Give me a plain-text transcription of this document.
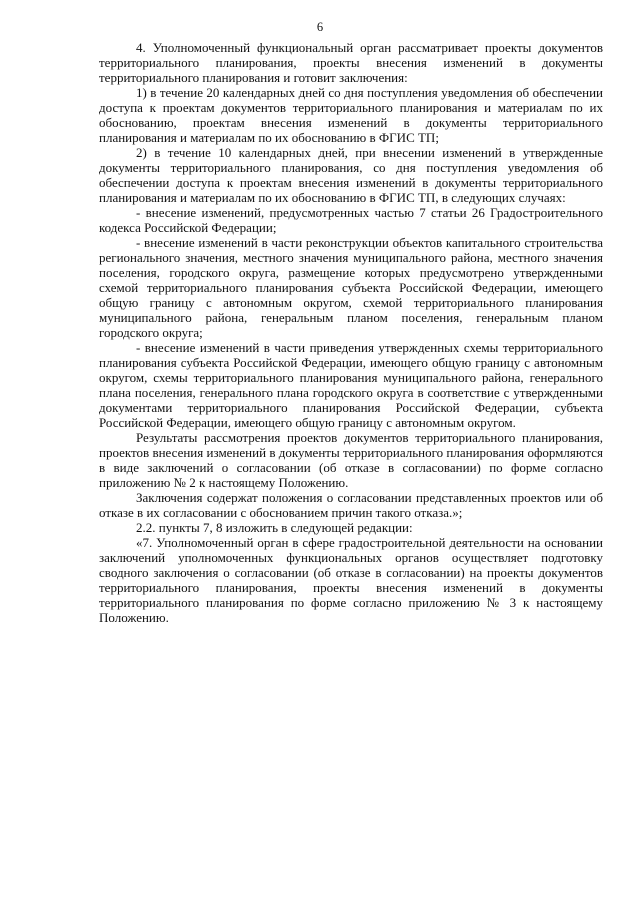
6

4. Уполномоченный функциональный орган рассматривает проекты документов территориального планирования, проекты внесения изменений в документы территориального планирования и готовит заключения:

1) в течение 20 календарных дней со дня поступления уведомления об обеспечении доступа к проектам документов территориального планирования и материалам по их обоснованию, проектам внесения изменений в документы территориального планирования и материалам по их обоснованию в ФГИС ТП;

2) в течение 10 календарных дней, при внесении изменений в утвержденные документы территориального планирования, со дня поступления уведомления об обеспечении доступа к проектам внесения изменений в документы территориального планирования и материалам по их обоснованию в ФГИС ТП, в следующих случаях:

- внесение изменений, предусмотренных частью 7 статьи 26 Градостроительного кодекса Российской Федерации;

- внесение изменений в части реконструкции объектов капитального строительства регионального значения, местного значения муниципального района, местного значения поселения, городского округа, размещение которых предусмотрено утвержденными схемой территориального планирования субъекта Российской Федерации, имеющего общую границу с автономным округом, схемой территориального планирования муниципального района, генеральным планом поселения, генеральным планом городского округа;

- внесение изменений в части приведения утвержденных схемы территориального планирования субъекта Российской Федерации, имеющего общую границу с автономным округом, схемы территориального планирования муниципального района, генерального плана поселения, генерального плана городского округа в соответствие с утвержденными документами территориального планирования Российской Федерации, субъекта Российской Федерации, имеющего общую границу с автономным округом.

Результаты рассмотрения проектов документов территориального планирования, проектов внесения изменений в документы территориального планирования оформляются в виде заключений о согласовании (об отказе в согласовании) по форме согласно приложению № 2 к настоящему Положению.

Заключения содержат положения о согласовании представленных проектов или об отказе в их согласовании с обоснованием причин такого отказа.»;

2.2. пункты 7, 8 изложить в следующей редакции:

«7. Уполномоченный орган в сфере градостроительной деятельности на основании заключений уполномоченных функциональных органов осуществляет подготовку сводного заключения о согласовании (об отказе в согласовании) на проекты документов территориального планирования, проекты внесения изменений в документы территориального планирования по форме согласно приложению № 3 к настоящему Положению.
